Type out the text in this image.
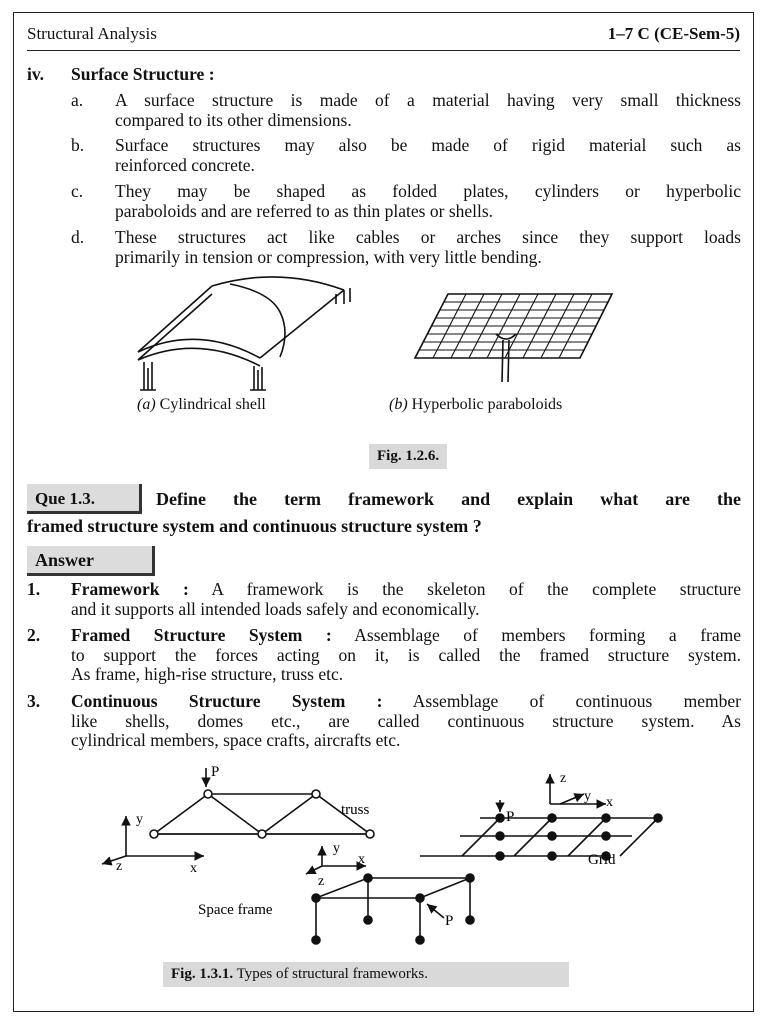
Structural Analysis	1–7 C (CE-Sem-5)
iv. Surface Structure :
a. A surface structure is made of a material having very small thickness
compared to its other dimensions.
b. Surface structures may also be made of rigid material such as
reinforced concrete.
c. They may be shaped as folded plates, cylinders or hyperbolic
paraboloids and are referred to as thin plates or shells.
d. These structures act like cables or arches since they support loads
primarily in tension or compression, with very little bending.
(a) Cylindrical shell	(b) Hyperbolic paraboloids
Fig. 1.2.6.
Que 1.3.	Define the term framework and explain what are the
framed structure system and continuous structure system ?
Answer
1. Framework : A framework is the skeleton of the complete structure
and it supports all intended loads safely and economically.
2. Framed Structure System : Assemblage of members forming a frame
to support the forces acting on it, is called the framed structure system.
As frame, high-rise structure, truss etc.
3. Continuous Structure System : Assemblage of continuous member
like shells, domes etc., are called continuous structure system. As
cylindrical members, space crafts, aircrafts etc.
P
truss
y
x
z
P
Grid
z
y x
P
Space frame
y
x
z
Fig. 1.3.1. Types of structural frameworks.
